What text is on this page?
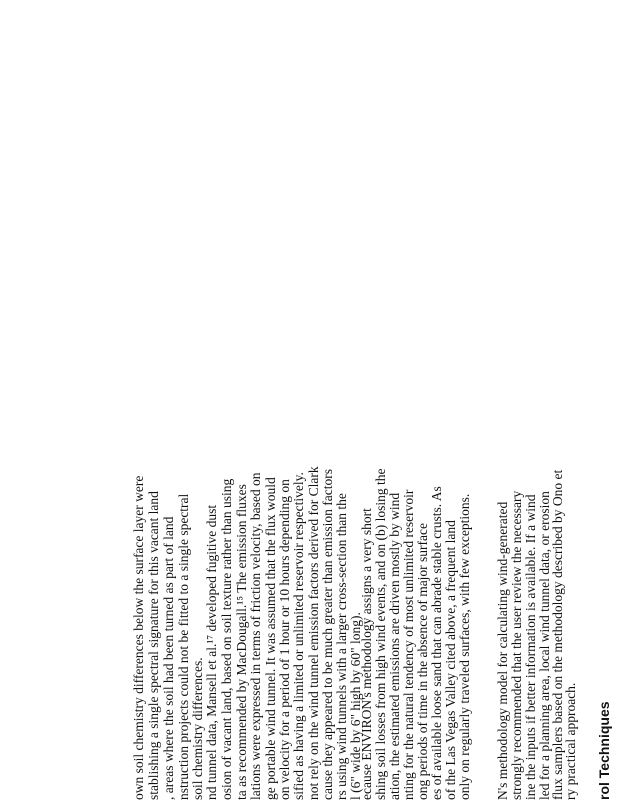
own soil chemistry differences below the surface layer were stablishing a single spectral signature for this vacant land , areas where the soil had been turned as part of land nstruction projects could not be fitted to a single spectral soil chemistry differences. nd tunnel data, Mansell et al.¹⁷ developed fugitive dust osion of vacant land, based on soil texture rather than using ta as recommended by MacDougall.¹⁵ The emission fluxes lations were expressed in terms of friction velocity, based on ge portable wind tunnel. It was assumed that the flux would on velocity for a period of 1 hour or 10 hours depending on sified as having a limited or unlimited reservoir respectively. not rely on the wind tunnel emission factors derived for Clark cause they appeared to be much greater than emission factors rs using wind tunnels with a larger cross-section than the l (6" wide by 6" high by 60" long).
ecause ENVIRON's methodology assigns a very short shing soil losses from high wind events, and on (b) losing the ation, the estimated emissions are driven mostly by wind nting for the natural tendency of most unlimited reservoir ong periods of time in the absence of major surface es of available loose sand that can abrade stable crusts. As of the Las Vegas Valley cited above, a frequent land only on regularly traveled surfaces, with few exceptions. N's methodology model for calculating wind-generated strongly recommended that the user review the necessary ine the inputs if better information is available. If a wind led for a planning area, local wind tunnel data, or erosion
flux samplers based on the methodology described by Ono et
ry practical approach. rol Techniques
